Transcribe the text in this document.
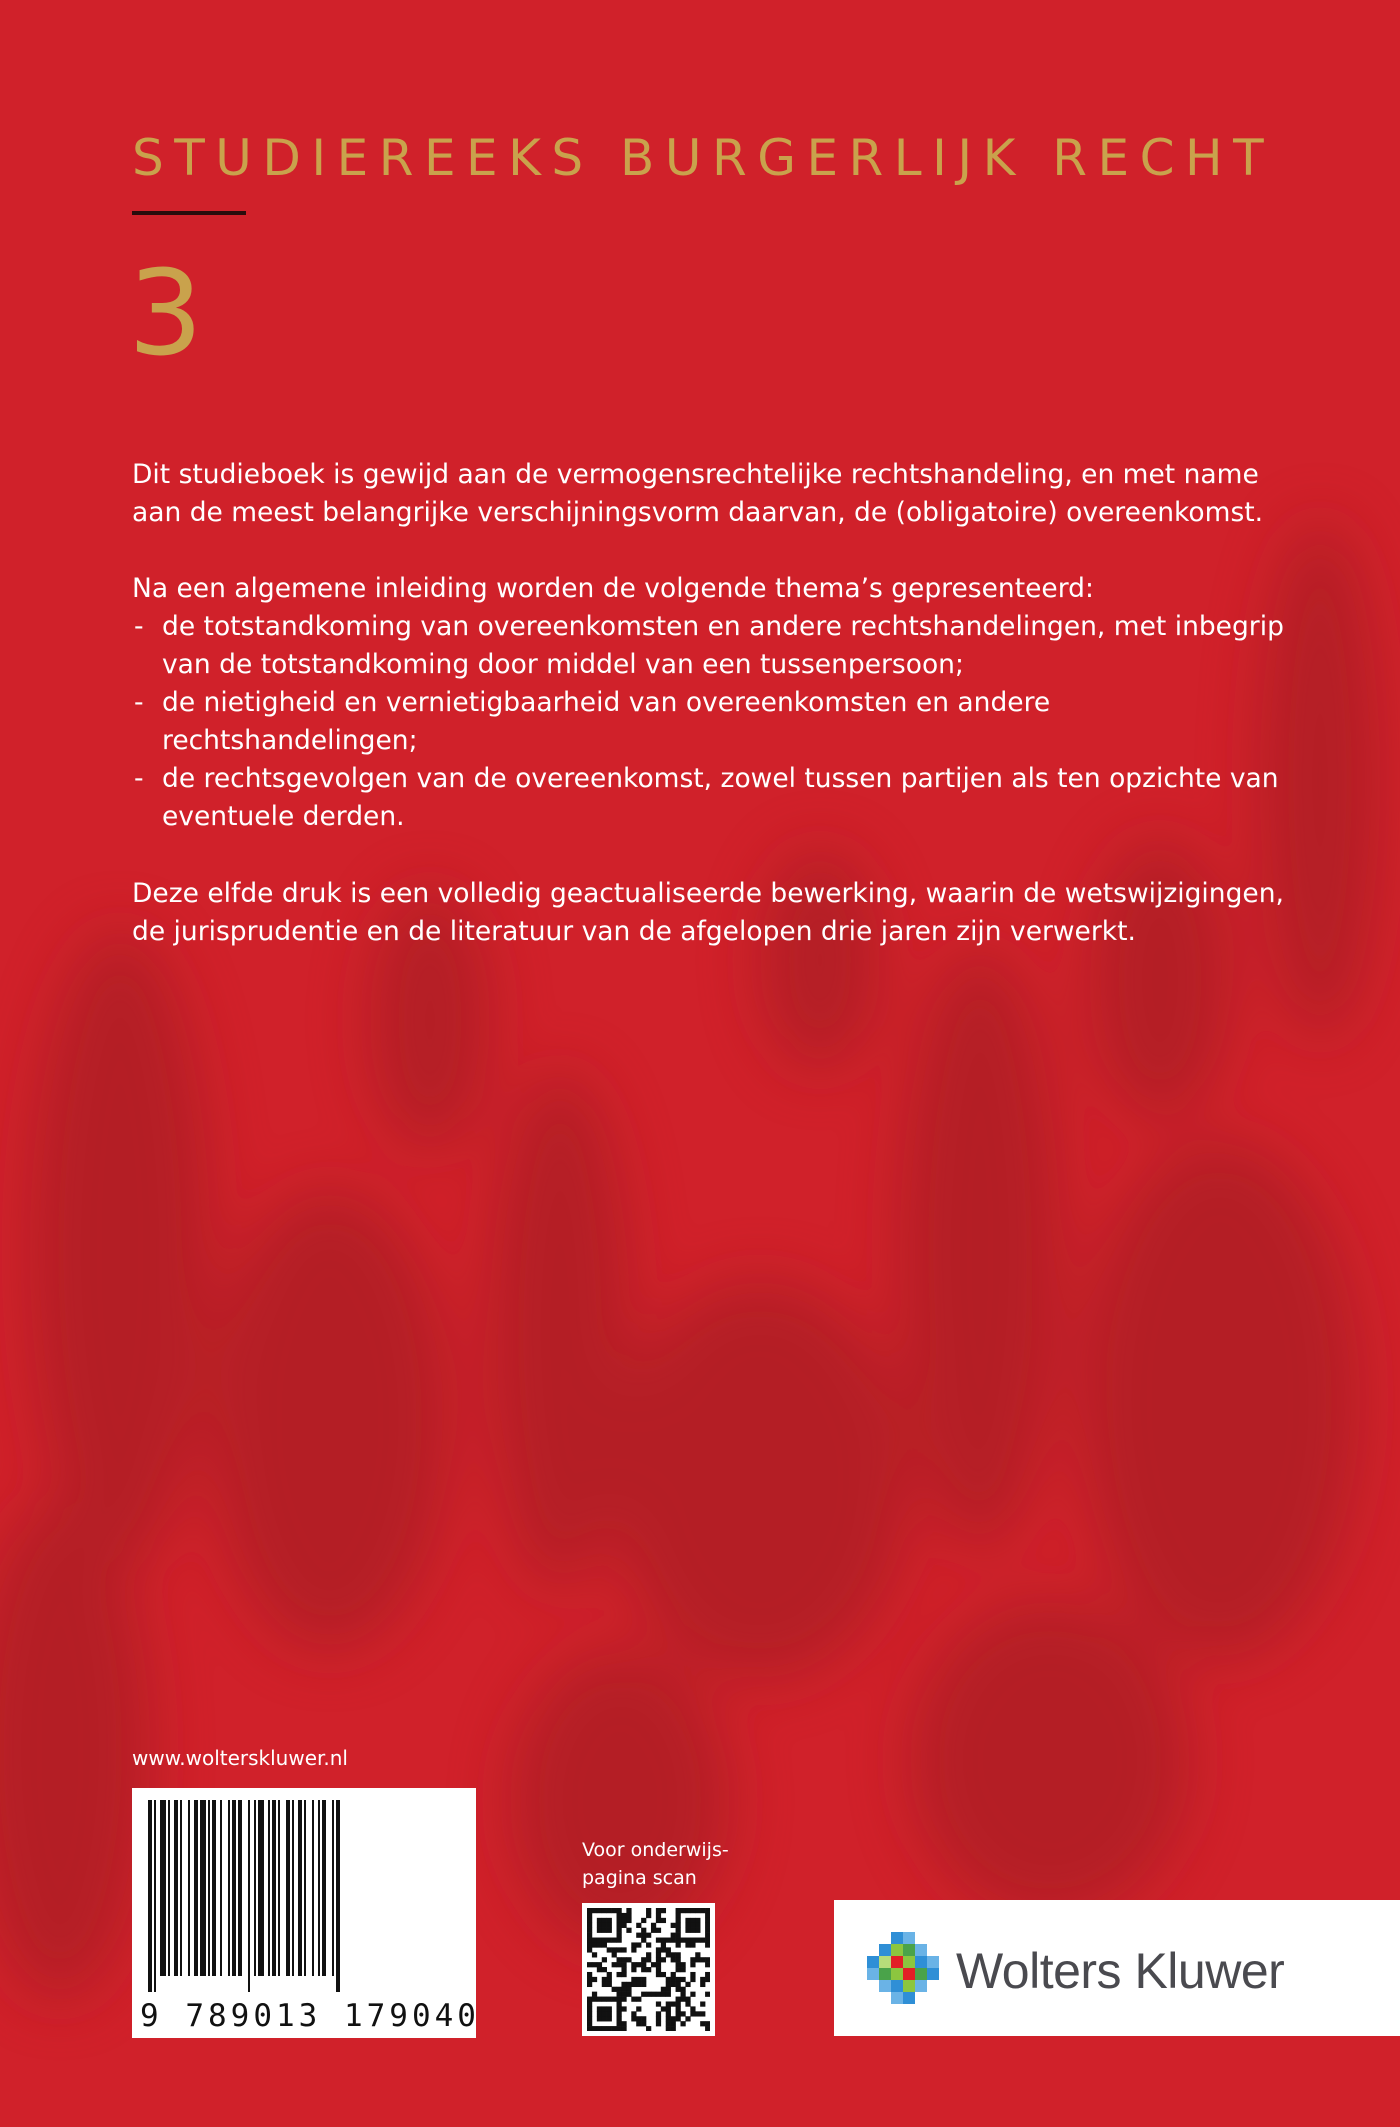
STUDIEREEKS BURGERLIJK RECHT
3

Dit studieboek is gewijd aan de vermogensrechtelijke rechtshandeling, en met name aan de meest belangrijke verschijningsvorm daarvan, de (obligatoire) overeenkomst.

Na een algemene inleiding worden de volgende thema’s gepresenteerd:

- de totstandkoming van overeenkomsten en andere rechtshandelingen, met inbegrip van de totstandkoming door middel van een tussenpersoon;
- de nietigheid en vernietigbaarheid van overeenkomsten en andere rechtshandelingen;
- de rechtsgevolgen van de overeenkomst, zowel tussen partijen als ten opzichte van eventuele derden.

Deze elfde druk is een volledig geactualiseerde bewerking, waarin de wetswijzigingen, de jurisprudentie en de literatuur van de afgelopen drie jaren zijn verwerkt.

www.wolterskluwer.nl
9 789013 179040
Voor onderwijs-
pagina scan
Wolters Kluwer
